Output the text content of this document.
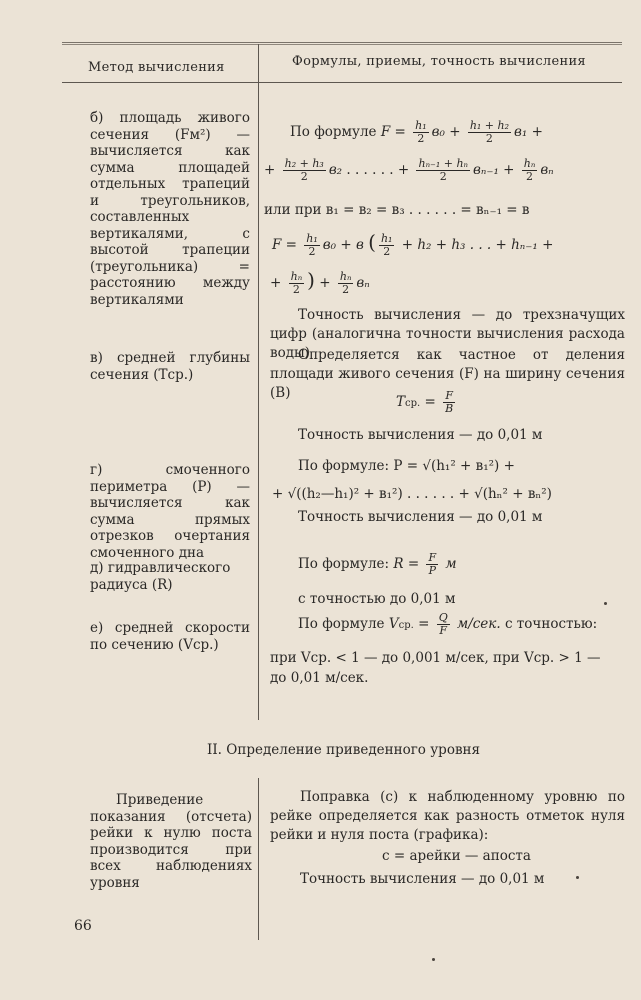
Метод вычисления	Формулы, приемы, точность вычисления
б) площадь живого сечения (Fм²) — вычисляется как сумма площадей отдельных трапеций и треугольников, составленных вертикалями, с высотой трапеции (треугольника) = расстоянию между вертикалями
По формуле $F = \frac{\text{h₁}}{2} в_0 + \frac{\text{h₁ + h₂}}{2} в_1$ +
+ $\frac{\text{h₂ + h₃}}{2} в_2$ . . . . . . + $\frac{\text{hₙ₋₁ + hₙ}}{2} в_{n-1} + \frac{\text{hₙ}}{2}$ вₙ
или при в₁ = в₂ = в₃ . . . . . . = вₙ₋₁ = в
$F = \frac{\text{h₁}}{2} в_0 + в$ ( $\frac{\text{h₁}}{2} + h_2 + h_3$ . . . + hₙ₋₁ +
+ $\frac{\text{hₙ}}{2}$ ) + $\frac{\text{hₙ}}{2}$ вₙ
Точность вычисления — до трехзначущих цифр (аналогична точности вычисления расхода воды)
в) средней глубины сечения (Tср.)
Определяется как частное от деления площади живого сечения (F) на ширину сечения (B)
Tср. = $\frac{F}{B}$
Точность вычисления — до 0,01 м
г) смоченного периметра (P) — вычисляется как сумма прямых отрезков очертания смоченного дна
По формуле: P = √(h₁² + в₁²) +
+ √((h₂—h₁)² + в₁²) . . . . . . + √(hₙ² + вₙ²)
Точность вычисления — до 0,01 м
д) гидравлического радиуса (R)
По формуле: $R = \frac{F}{P}$ м
с точностью до 0,01 м
е) средней скорости по сечению (Vср.)
По формуле Vср. = $\frac{Q}{F} м/сек$. с точностью:
при Vср. < 1 — до 0,001 м/сек, при Vср. > 1 —
до 0,01 м/сек.
II. Определение приведенного уровня
Приведение показания (отсчета) рейки к нулю поста производится при всех наблюдениях уровня
Поправка (с) к наблюденному уровню по рейке определяется как разность отметок нуля рейки и нуля поста (графика):
с = aрейки — aпоста
Точность вычисления — до 0,01 м
66
